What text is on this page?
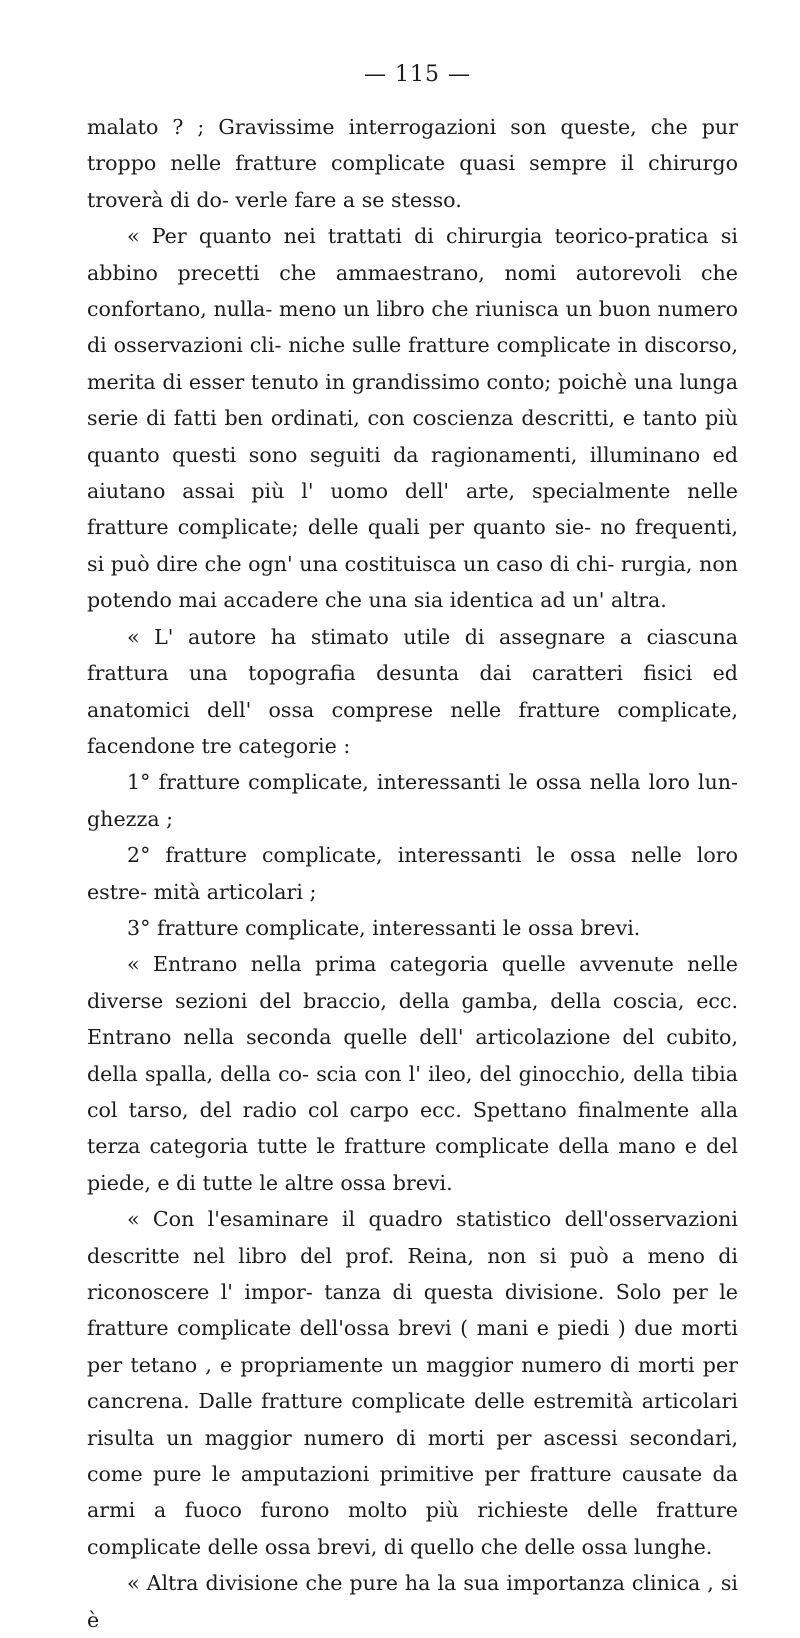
— 115 —

malato ? ; Gravissime interrogazioni son queste, che pur troppo nelle fratture complicate quasi sempre il chirurgo troverà di do- verle fare a se stesso.

« Per quanto nei trattati di chirurgia teorico-pratica si abbino precetti che ammaestrano, nomi autorevoli che confortano, nulla- meno un libro che riunisca un buon numero di osservazioni cli- niche sulle fratture complicate in discorso, merita di esser tenuto in grandissimo conto; poichè una lunga serie di fatti ben ordinati, con coscienza descritti, e tanto più quanto questi sono seguiti da ragionamenti, illuminano ed aiutano assai più l' uomo dell' arte, specialmente nelle fratture complicate; delle quali per quanto sie- no frequenti, si può dire che ogn' una costituisca un caso di chi- rurgia, non potendo mai accadere che una sia identica ad un' altra.

« L' autore ha stimato utile di assegnare a ciascuna frattura una topografia desunta dai caratteri fisici ed anatomici dell' ossa comprese nelle fratture complicate, facendone tre categorie :

1° fratture complicate, interessanti le ossa nella loro lun- ghezza ;

2° fratture complicate, interessanti le ossa nelle loro estre- mità articolari ;

3° fratture complicate, interessanti le ossa brevi.

« Entrano nella prima categoria quelle avvenute nelle diverse sezioni del braccio, della gamba, della coscia, ecc. Entrano nella seconda quelle dell' articolazione del cubito, della spalla, della co- scia con l' ileo, del ginocchio, della tibia col tarso, del radio col carpo ecc. Spettano finalmente alla terza categoria tutte le fratture complicate della mano e del piede, e di tutte le altre ossa brevi.

« Con l'esaminare il quadro statistico dell'osservazioni descritte nel libro del prof. Reina, non si può a meno di riconoscere l' impor- tanza di questa divisione. Solo per le fratture complicate dell'ossa brevi ( mani e piedi ) due morti per tetano , e propriamente un maggior numero di morti per cancrena. Dalle fratture complicate delle estremità articolari risulta un maggior numero di morti per ascessi secondari, come pure le amputazioni primitive per fratture causate da armi a fuoco furono molto più richieste delle fratture complicate delle ossa brevi, di quello che delle ossa lunghe.

« Altra divisione che pure ha la sua importanza clinica , si è
